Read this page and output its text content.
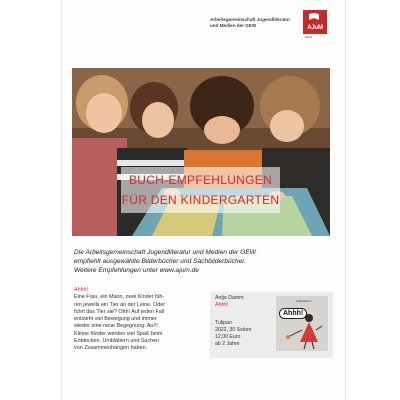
Arbeitsgemeinschaft Jugendliteratur
und Medien der GEW	AJuM
GEW
Foto: Michael Reeb/Jomi
BUCH-EMPFEHLUNGEN
FÜR DEN KINDERGARTEN
Die Arbeitsgemeinschaft Jugendliteratur und Medien der GEW
empfiehlt ausgewählte Bilderbücher und Sachbilderbücher.
Weitere Empfehlungen unter www.ajum.de
Ahhh!
Eine Frau, ein Mann, zwei Kinder füh-
ren jeweils ein Tier an der Leine. Oder
führt das Tier sie? Ohh! Auf jeden Fall
entsteht viel Bewegung und immer
wieder eine neue Begegnung: Au!!!
Kleine Kinder werden viel Spaß beim
Entdecken, Umblättern und Suchen
von Zusammenhängen haben.
Antje Damm
Ahhh!
Tulipan
2022, 30 Seiten
12,00 Euro
ab 2 Jahre
Antje Damm
Ahhh!
